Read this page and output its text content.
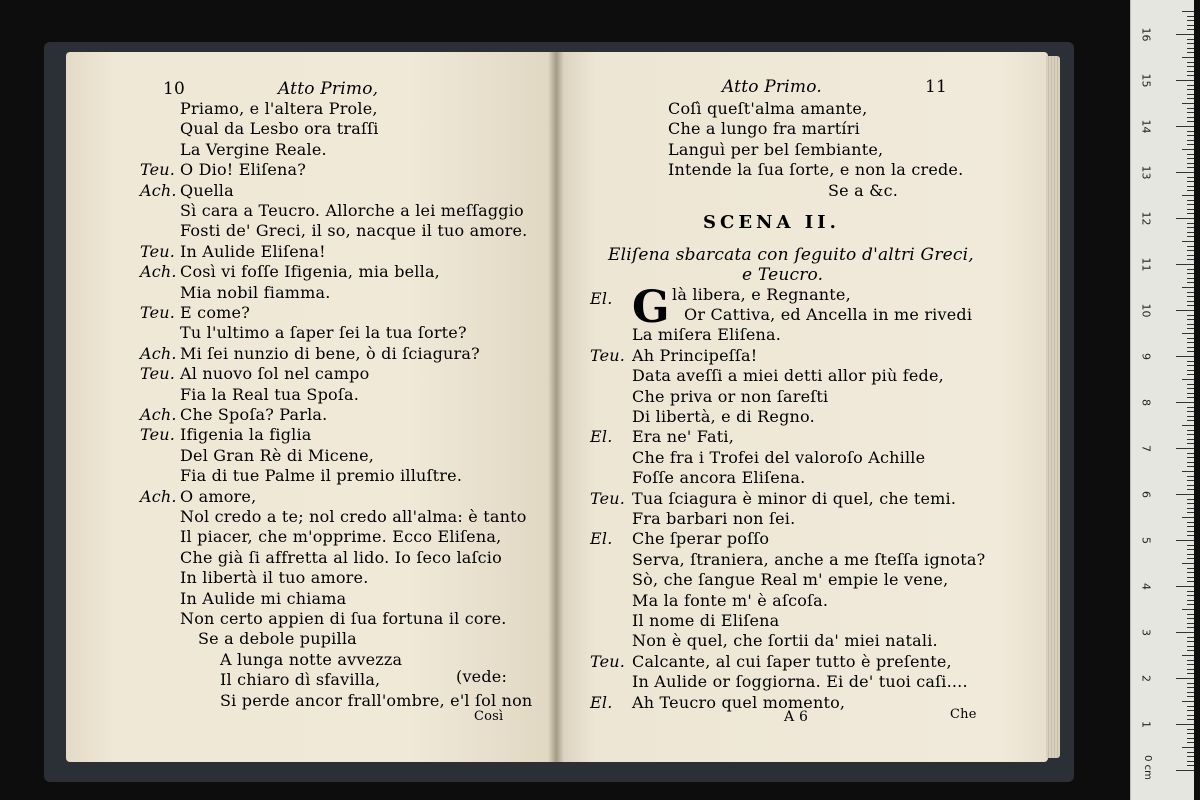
10	Atto Primo,
Priamo, e l'altera Prole,
Qual da Lesbo ora traſſi
La Vergine Reale.
Teu. O Dio! Eliſena?
Ach. Quella
Sì cara a Teucro. Allorche a lei meſſaggio
Fosti de' Greci, il so, nacque il tuo amore.
Teu. In Aulide Eliſena!
Ach. Così vi foſſe Ifigenia, mia bella,
Mia nobil fiamma.
Teu. E come?
Tu l'ultimo a ſaper ſei la tua ſorte?
Ach. Mi ſei nunzio di bene, ò di ſciagura?
Teu. Al nuovo ſol nel campo
Fia la Real tua Spoſa.
Ach. Che Spoſa? Parla.
Teu. Ifigenia la figlia
Del Gran Rè di Micene,
Fia di tue Palme il premio illuſtre.
Ach. O amore,
Nol credo a te; nol credo all'alma: è tanto
Il piacer, che m'opprime. Ecco Eliſena,
Che già ſi affretta al lido. Io ſeco laſcio
In libertà il tuo amore.
In Aulide mi chiama
Non certo appien di ſua fortuna il core.
Se a debole pupilla
A lunga notte avvezza
Il chiaro dì sfavilla,
Si perde ancor frall'ombre, e'l ſol non
(vede:
Così
Atto Primo.	11
Coſì queſt'alma amante,
Che a lungo fra martíri
Languì per bel ſembiante,
Intende la ſua ſorte, e non la crede.
Se a &c.
SCENA II.
Eliſena sbarcata con ſeguito d'altri Greci,
e Teucro.
El. G là libera, e Regnante,
Or Cattiva, ed Ancella in me rivedi
La miſera Eliſena.
Teu. Ah Principeſſa!
Data aveſſi a miei detti allor più fede,
Che priva or non ſareſti
Di libertà, e di Regno.
El. Era ne' Fati,
Che fra i Trofei del valoroſo Achille
Foſſe ancora Eliſena.
Teu. Tua ſciagura è minor di quel, che temi.
Fra barbari non ſei.
El. Che ſperar poſſo
Serva, ſtraniera, anche a me ſteſſa ignota?
Sò, che ſangue Real m' empie le vene,
Ma la fonte m' è aſcoſa.
Il nome di Eliſena
Non è quel, che ſortii da' miei natali.
Teu. Calcante, al cui ſaper tutto è preſente,
In Aulide or ſoggiorna. Ei de' tuoi caſi....
El. Ah Teucro quel momento,
A 6	Che
16
15
14
13
12
11
10
9
8
7
6
5
4
3
2
1
0 cm
